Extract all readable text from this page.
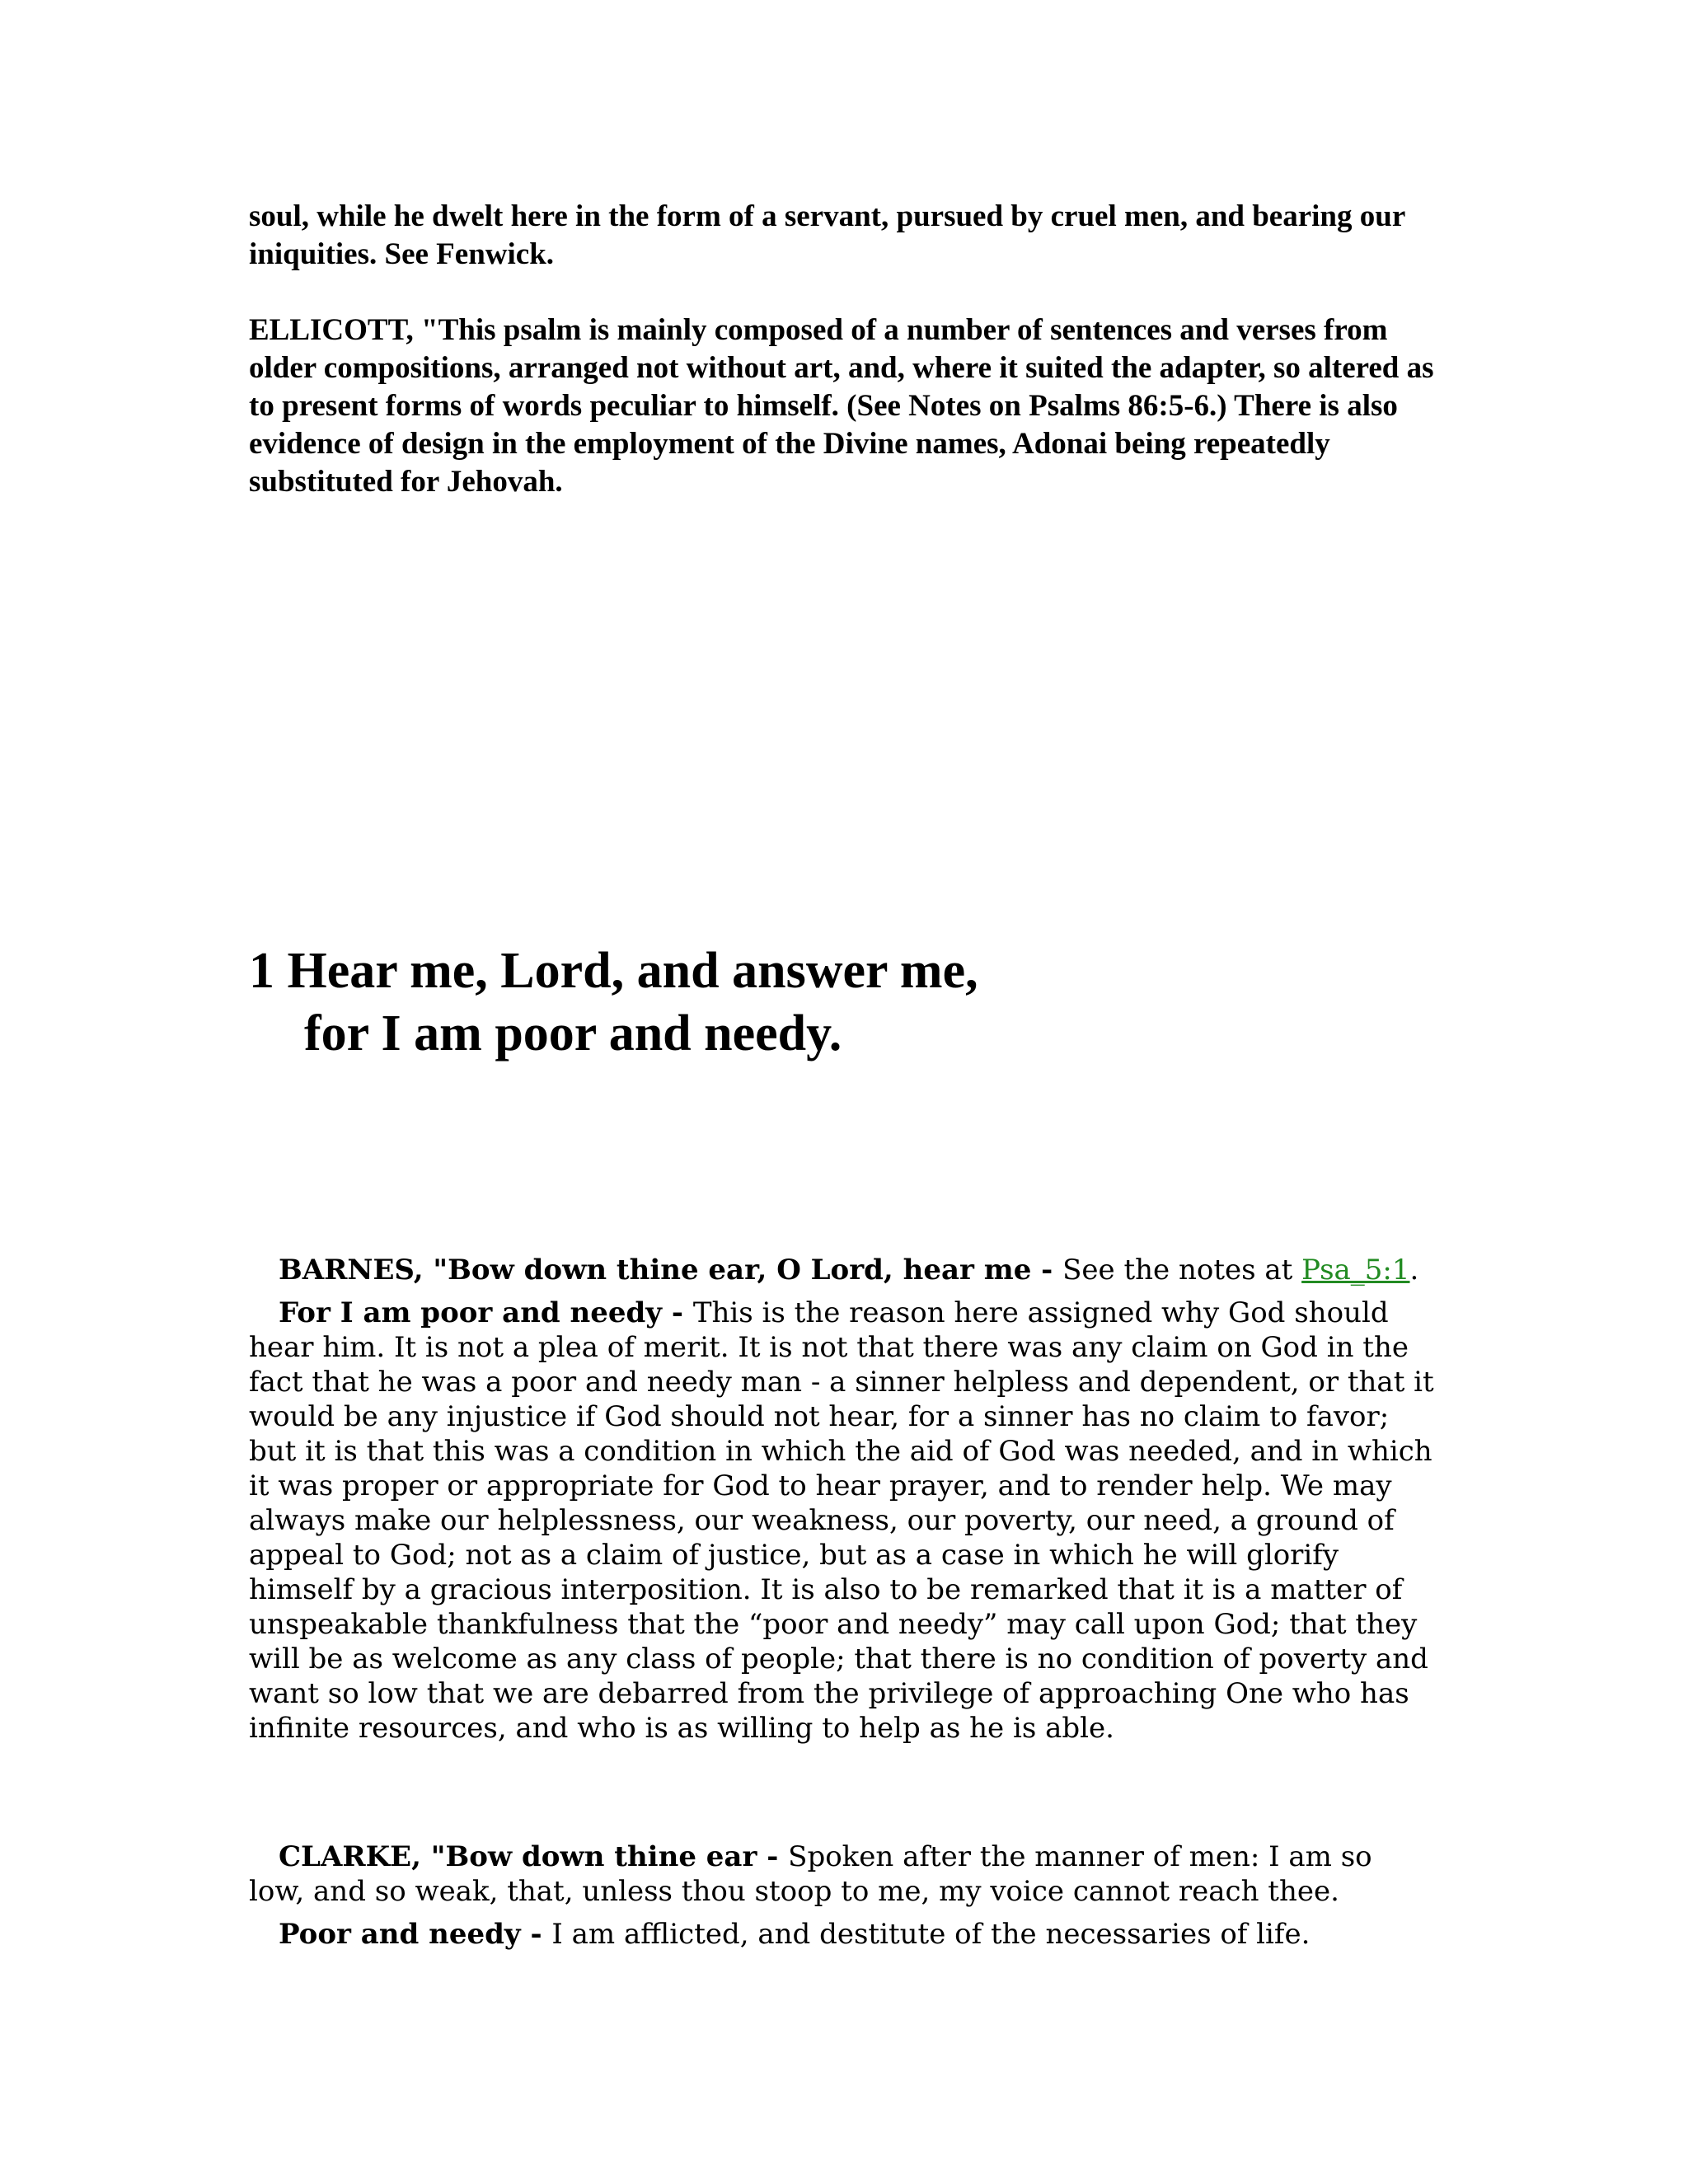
soul, while he dwelt here in the form of a servant, pursued by cruel men, and bearing our iniquities. See Fenwick.

ELLICOTT, "This psalm is mainly composed of a number of sentences and verses from older compositions, arranged not without art, and, where it suited the adapter, so altered as to present forms of words peculiar to himself. (See Notes on Psalms 86:5-6.) There is also evidence of design in the employment of the Divine names, Adonai being repeatedly substituted for Jehovah.

1 Hear me, Lord, and answer me,
for I am poor and needy.

BARNES, "Bow down thine ear, O Lord, hear me - See the notes at Psa_5:1.

For I am poor and needy - This is the reason here assigned why God should hear him. It is not a plea of merit. It is not that there was any claim on God in the fact that he was a poor and needy man - a sinner helpless and dependent, or that it would be any injustice if God should not hear, for a sinner has no claim to favor; but it is that this was a condition in which the aid of God was needed, and in which it was proper or appropriate for God to hear prayer, and to render help. We may always make our helplessness, our weakness, our poverty, our need, a ground of appeal to God; not as a claim of justice, but as a case in which he will glorify himself by a gracious interposition. It is also to be remarked that it is a matter of unspeakable thankfulness that the “poor and needy” may call upon God; that they will be as welcome as any class of people; that there is no condition of poverty and want so low that we are debarred from the privilege of approaching One who has infinite resources, and who is as willing to help as he is able.

CLARKE, "Bow down thine ear - Spoken after the manner of men: I am so low, and so weak, that, unless thou stoop to me, my voice cannot reach thee.

Poor and needy - I am afflicted, and destitute of the necessaries of life.
